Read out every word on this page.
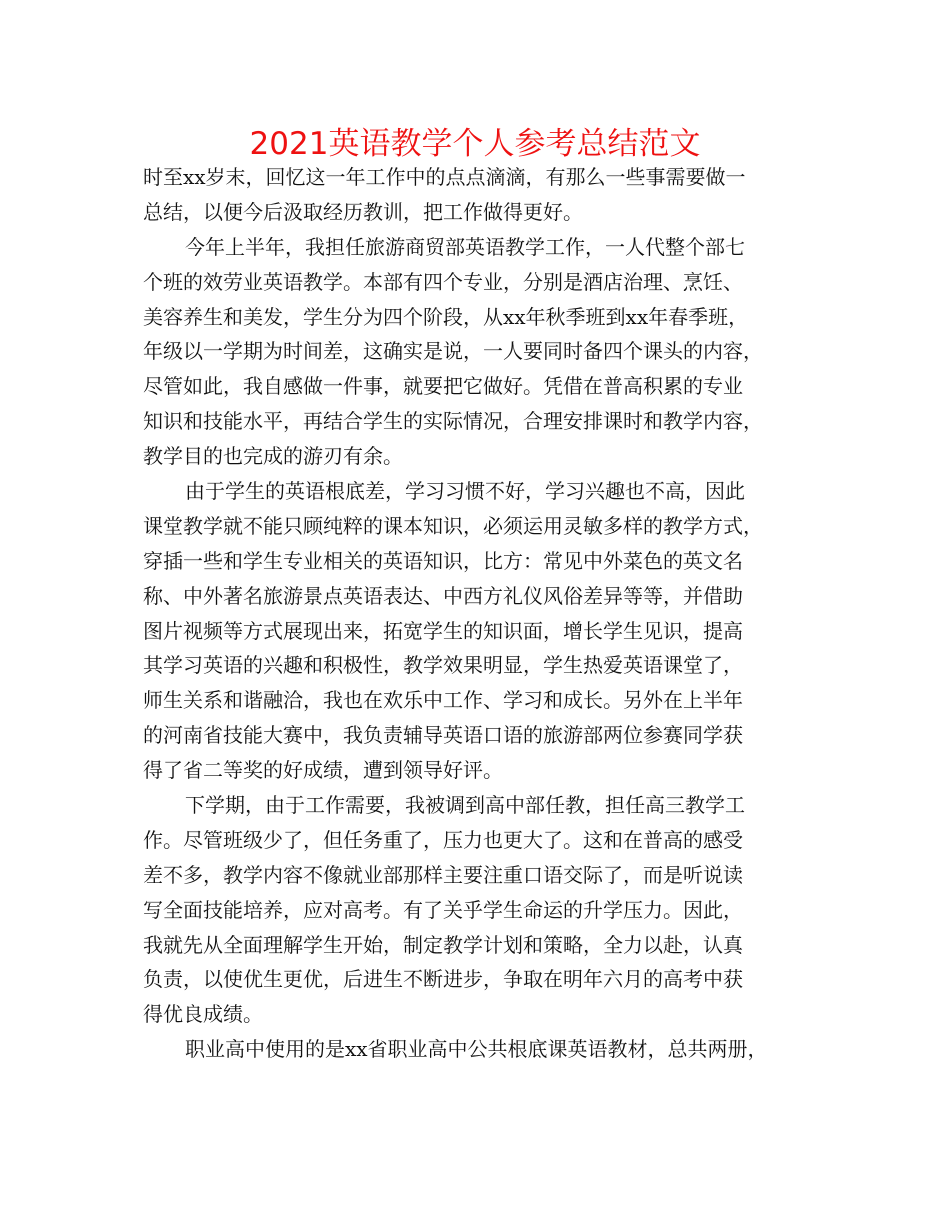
2021英语教学个人参考总结范文
时至xx岁末，回忆这一年工作中的点点滴滴，有那么一些事需要做一
总结，以便今后汲取经历教训，把工作做得更好。
今年上半年，我担任旅游商贸部英语教学工作，一人代整个部七
个班的效劳业英语教学。本部有四个专业，分别是酒店治理、烹饪、
美容养生和美发，学生分为四个阶段，从xx年秋季班到xx年春季班，
年级以一学期为时间差，这确实是说，一人要同时备四个课头的内容，
尽管如此，我自感做一件事，就要把它做好。凭借在普高积累的专业
知识和技能水平，再结合学生的实际情况，合理安排课时和教学内容，
教学目的也完成的游刃有余。
由于学生的英语根底差，学习习惯不好，学习兴趣也不高，因此
课堂教学就不能只顾纯粹的课本知识，必须运用灵敏多样的教学方式，
穿插一些和学生专业相关的英语知识，比方：常见中外菜色的英文名
称、中外著名旅游景点英语表达、中西方礼仪风俗差异等等，并借助
图片视频等方式展现出来，拓宽学生的知识面，增长学生见识，提高
其学习英语的兴趣和积极性，教学效果明显，学生热爱英语课堂了，
师生关系和谐融洽，我也在欢乐中工作、学习和成长。另外在上半年
的河南省技能大赛中，我负责辅导英语口语的旅游部两位参赛同学获
得了省二等奖的好成绩，遭到领导好评。
下学期，由于工作需要，我被调到高中部任教，担任高三教学工
作。尽管班级少了，但任务重了，压力也更大了。这和在普高的感受
差不多，教学内容不像就业部那样主要注重口语交际了，而是听说读
写全面技能培养，应对高考。有了关乎学生命运的升学压力。因此，
我就先从全面理解学生开始，制定教学计划和策略，全力以赴，认真
负责，以使优生更优，后进生不断进步，争取在明年六月的高考中获
得优良成绩。
职业高中使用的是xx省职业高中公共根底课英语教材，总共两册，
